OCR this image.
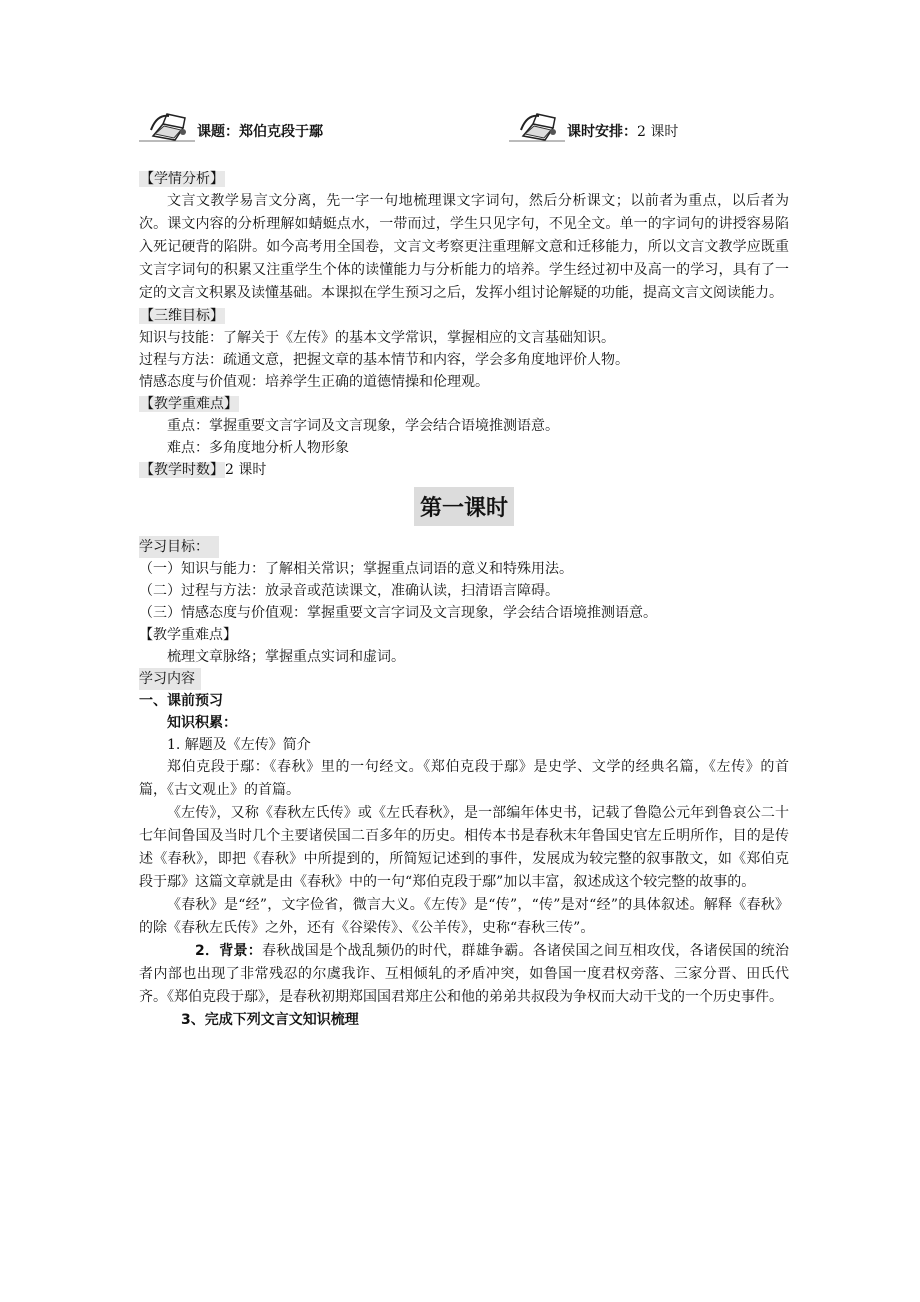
课题： 郑伯克段于鄢	课时安排： 2 课时
【学情分析】
文言文教学易言文分离，先一字一句地梳理课文字词句，然后分析课文；以前者为重点，以后者为次。课文内容的分析理解如蜻蜓点水，一带而过，学生只见字句，不见全文。单一的字词句的讲授容易陷入死记硬背的陷阱。如今高考用全国卷，文言文考察更注重理解文意和迁移能力，所以文言文教学应既重文言字词句的积累又注重学生个体的读懂能力与分析能力的培养。学生经过初中及高一的学习，具有了一定的文言文积累及读懂基础。本课拟在学生预习之后，发挥小组讨论解疑的功能，提高文言文阅读能力。
【三维目标】
知识与技能：了解关于《左传》的基本文学常识，掌握相应的文言基础知识。
过程与方法：疏通文意，把握文章的基本情节和内容，学会多角度地评价人物。
情感态度与价值观：培养学生正确的道德情操和伦理观。
【教学重难点】
重点：掌握重要文言字词及文言现象，学会结合语境推测语意。
难点：多角度地分析人物形象
【教学时数】2 课时
第一课时
学习目标：
（一）知识与能力：了解相关常识；掌握重点词语的意义和特殊用法。
（二）过程与方法：放录音或范读课文，准确认读，扫清语言障碍。
（三）情感态度与价值观：掌握重要文言字词及文言现象，学会结合语境推测语意。
【教学重难点】
梳理文章脉络；掌握重点实词和虚词。
学习内容
一、课前预习
知识积累：
1. 解题及《左传》简介
郑伯克段于鄢：《春秋》里的一句经文。《郑伯克段于鄢》是史学、文学的经典名篇，《左传》的首篇，《古文观止》的首篇。
《左传》，又称《春秋左氏传》或《左氏春秋》，是一部编年体史书，记载了鲁隐公元年到鲁哀公二十七年间鲁国及当时几个主要诸侯国二百多年的历史。相传本书是春秋末年鲁国史官左丘明所作，目的是传述《春秋》，即把《春秋》中所提到的，所简短记述到的事件，发展成为较完整的叙事散文，如《郑伯克段于鄢》这篇文章就是由《春秋》中的一句“郑伯克段于鄢”加以丰富，叙述成这个较完整的故事的。
《春秋》是“经”，文字俭省，微言大义。《左传》是“传”，“传”是对“经”的具体叙述。解释《春秋》的除《春秋左氏传》之外，还有《谷梁传》、《公羊传》，史称“春秋三传”。
2．背景：春秋战国是个战乱频仍的时代，群雄争霸。各诸侯国之间互相攻伐，各诸侯国的统治者内部也出现了非常残忍的尔虞我诈、互相倾轧的矛盾冲突，如鲁国一度君权旁落、三家分晋、田氏代齐。《郑伯克段于鄢》，是春秋初期郑国国君郑庄公和他的弟弟共叔段为争权而大动干戈的一个历史事件。
3、完成下列文言文知识梳理
